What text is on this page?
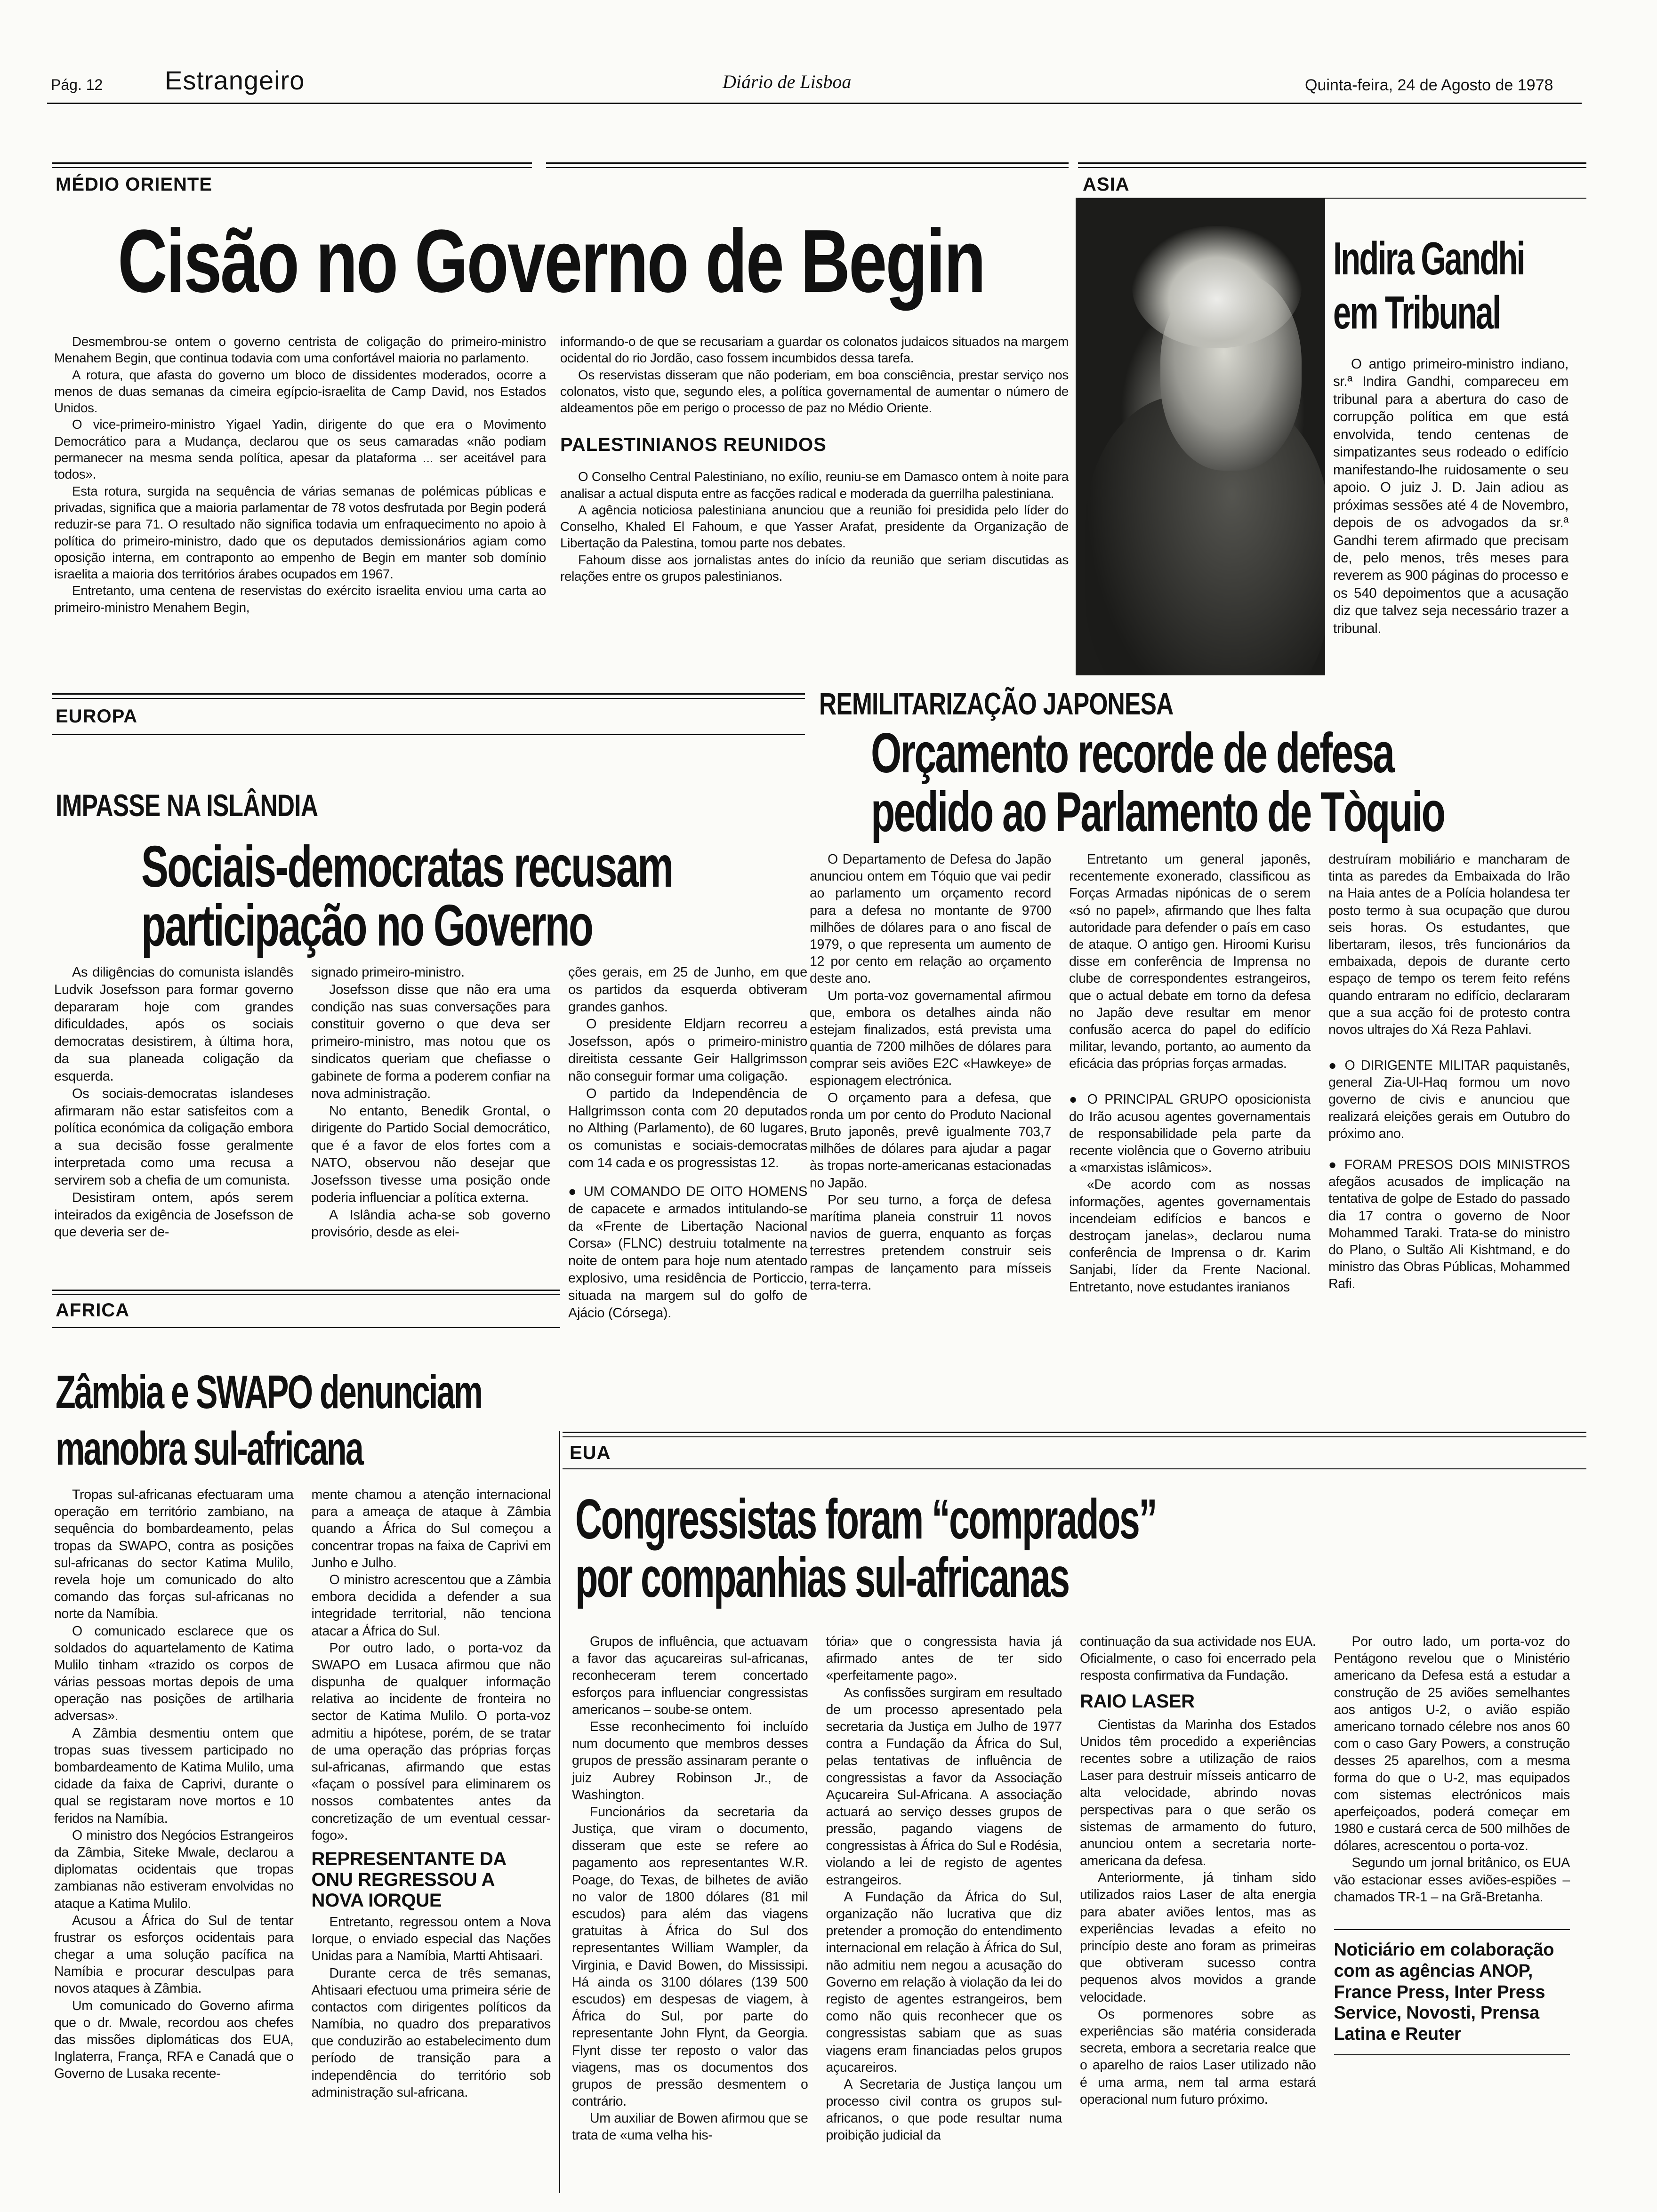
Pág. 12 Estrangeiro	Diário de Lisboa	Quinta-feira, 24 de Agosto de 1978
MÉDIO ORIENTE
Cisão no Governo de Begin

Desmembrou-se ontem o governo centrista de coligação do primeiro-ministro Menahem Begin, que continua todavia com uma confortável maioria no parlamento.

A rotura, que afasta do governo um bloco de dissidentes moderados, ocorre a menos de duas semanas da cimeira egípcio-israelita de Camp David, nos Estados Unidos.

O vice-primeiro-ministro Yigael Yadin, dirigente do que era o Movimento Democrático para a Mudança, declarou que os seus camaradas «não podiam permanecer na mesma senda política, apesar da plataforma ... ser aceitável para todos».

Esta rotura, surgida na sequência de várias semanas de polémicas públicas e privadas, significa que a maioria parlamentar de 78 votos desfrutada por Begin poderá reduzir-se para 71. O resultado não significa todavia um enfraquecimento no apoio à política do primeiro-ministro, dado que os deputados demissionários agiam como oposição interna, em contraponto ao empenho de Begin em manter sob domínio israelita a maioria dos territórios árabes ocupados em 1967.

Entretanto, uma centena de reservistas do exército israelita enviou uma carta ao primeiro-ministro Menahem Begin,

informando-o de que se recusariam a guardar os colonatos judaicos situados na margem ocidental do rio Jordão, caso fossem incumbidos dessa tarefa.

Os reservistas disseram que não poderiam, em boa consciência, prestar serviço nos colonatos, visto que, segundo eles, a política governamental de aumentar o número de aldeamentos põe em perigo o processo de paz no Médio Oriente.

PALESTINIANOS REUNIDOS

O Conselho Central Palestiniano, no exílio, reuniu-se em Damasco ontem à noite para analisar a actual disputa entre as facções radical e moderada da guerrilha palestiniana.

A agência noticiosa palestiniana anunciou que a reunião foi presidida pelo líder do Conselho, Khaled El Fahoum, e que Yasser Arafat, presidente da Organização de Libertação da Palestina, tomou parte nos debates.

Fahoum disse aos jornalistas antes do início da reunião que seriam discutidas as relações entre os grupos palestinianos.

ASIA
Indira Gandhi
em Tribunal

O antigo primeiro-ministro indiano, sr.ª Indira Gandhi, compareceu em tribunal para a abertura do caso de corrupção política em que está envolvida, tendo centenas de simpatizantes seus rodeado o edifício manifestando-lhe ruidosamente o seu apoio. O juiz J. D. Jain adiou as próximas sessões até 4 de Novembro, depois de os advogados da sr.ª Gandhi terem afirmado que precisam de, pelo menos, três meses para reverem as 900 páginas do processo e os 540 depoimentos que a acusação diz que talvez seja necessário trazer a tribunal.

EUROPA
IMPASSE NA ISLÂNDIA
Sociais-democratas recusam
participação no Governo

As diligências do comunista islandês Ludvik Josefsson para formar governo depararam hoje com grandes dificuldades, após os sociais democratas desistirem, à última hora, da sua planeada coligação da esquerda.

Os sociais-democratas islandeses afirmaram não estar satisfeitos com a política económica da coligação embora a sua decisão fosse geralmente interpretada como uma recusa a servirem sob a chefia de um comunista.

Desistiram ontem, após serem inteirados da exigência de Josefsson de que deveria ser de-

signado primeiro-ministro.

Josefsson disse que não era uma condição nas suas conversações para constituir governo o que deva ser primeiro-ministro, mas notou que os sindicatos queriam que chefiasse o gabinete de forma a poderem confiar na nova administração.

No entanto, Benedik Grontal, o dirigente do Partido Social democrático, que é a favor de elos fortes com a NATO, observou não desejar que Josefsson tivesse uma posição onde poderia influenciar a política externa.

A Islândia acha-se sob governo provisório, desde as elei-

ções gerais, em 25 de Junho, em que os partidos da esquerda obtiveram grandes ganhos.

O presidente Eldjarn recorreu a Josefsson, após o primeiro-ministro direitista cessante Geir Hallgrimsson não conseguir formar uma coligação.

O partido da Independência de Hallgrimsson conta com 20 deputados no Althing (Parlamento), de 60 lugares, os comunistas e sociais-democratas com 14 cada e os progressistas 12.

● UM COMANDO DE OITO HOMENS de capacete e armados intitulando-se da «Frente de Libertação Nacional Corsa» (FLNC) destruiu totalmente na noite de ontem para hoje num atentado explosivo, uma residência de Porticcio, situada na margem sul do golfo de Ajácio (Córsega).

REMILITARIZAÇÃO JAPONESA
Orçamento recorde de defesa
pedido ao Parlamento de Tòquio

O Departamento de Defesa do Japão anunciou ontem em Tóquio que vai pedir ao parlamento um orçamento record para a defesa no montante de 9700 milhões de dólares para o ano fiscal de 1979, o que representa um aumento de 12 por cento em relação ao orçamento deste ano.

Um porta-voz governamental afirmou que, embora os detalhes ainda não estejam finalizados, está prevista uma quantia de 7200 milhões de dólares para comprar seis aviões E2C «Hawkeye» de espionagem electrónica.

O orçamento para a defesa, que ronda um por cento do Produto Nacional Bruto japonês, prevê igualmente 703,7 milhões de dólares para ajudar a pagar às tropas norte-americanas estacionadas no Japão.

Por seu turno, a força de defesa marítima planeia construir 11 novos navios de guerra, enquanto as forças terrestres pretendem construir seis rampas de lançamento para mísseis terra-terra.

Entretanto um general japonês, recentemente exonerado, classificou as Forças Armadas nipónicas de o serem «só no papel», afirmando que lhes falta autoridade para defender o país em caso de ataque. O antigo gen. Hiroomi Kurisu disse em conferência de Imprensa no clube de correspondentes estrangeiros, que o actual debate em torno da defesa no Japão deve resultar em menor confusão acerca do papel do edifício militar, levando, portanto, ao aumento da eficácia das próprias forças armadas.

● O PRINCIPAL GRUPO oposicionista do Irão acusou agentes governamentais de responsabilidade pela parte da recente violência que o Governo atribuiu a «marxistas islâmicos».

«De acordo com as nossas informações, agentes governamentais incendeiam edifícios e bancos e destroçam janelas», declarou numa conferência de Imprensa o dr. Karim Sanjabi, líder da Frente Nacional. Entretanto, nove estudantes iranianos

destruíram mobiliário e mancharam de tinta as paredes da Embaixada do Irão na Haia antes de a Polícia holandesa ter posto termo à sua ocupação que durou seis horas. Os estudantes, que libertaram, ilesos, três funcionários da embaixada, depois de durante certo espaço de tempo os terem feito reféns quando entraram no edifício, declararam que a sua acção foi de protesto contra novos ultrajes do Xá Reza Pahlavi.

● O DIRIGENTE MILITAR paquistanês, general Zia-Ul-Haq formou um novo governo de civis e anunciou que realizará eleições gerais em Outubro do próximo ano.

● FORAM PRESOS DOIS MINISTROS afegãos acusados de implicação na tentativa de golpe de Estado do passado dia 17 contra o governo de Noor Mohammed Taraki. Trata-se do ministro do Plano, o Sultão Ali Kishtmand, e do ministro das Obras Públicas, Mohammed Rafi.

AFRICA
Zâmbia e SWAPO denunciam
manobra sul-africana

Tropas sul-africanas efectuaram uma operação em território zambiano, na sequência do bombardeamento, pelas tropas da SWAPO, contra as posições sul-africanas do sector Katima Mulilo, revela hoje um comunicado do alto comando das forças sul-africanas no norte da Namíbia.

O comunicado esclarece que os soldados do aquartelamento de Katima Mulilo tinham «trazido os corpos de várias pessoas mortas depois de uma operação nas posições de artilharia adversas».

A Zâmbia desmentiu ontem que tropas suas tivessem participado no bombardeamento de Katima Mulilo, uma cidade da faixa de Caprivi, durante o qual se registaram nove mortos e 10 feridos na Namíbia.

O ministro dos Negócios Estrangeiros da Zâmbia, Siteke Mwale, declarou a diplomatas ocidentais que tropas zambianas não estiveram envolvidas no ataque a Katima Mulilo.

Acusou a África do Sul de tentar frustrar os esforços ocidentais para chegar a uma solução pacífica na Namíbia e procurar desculpas para novos ataques à Zâmbia.

Um comunicado do Governo afirma que o dr. Mwale, recordou aos chefes das missões diplomáticas dos EUA, Inglaterra, França, RFA e Canadá que o Governo de Lusaka recente-

mente chamou a atenção internacional para a ameaça de ataque à Zâmbia quando a África do Sul começou a concentrar tropas na faixa de Caprivi em Junho e Julho.

O ministro acrescentou que a Zâmbia embora decidida a defender a sua integridade territorial, não tenciona atacar a África do Sul.

Por outro lado, o porta-voz da SWAPO em Lusaca afirmou que não dispunha de qualquer informação relativa ao incidente de fronteira no sector de Katima Mulilo. O porta-voz admitiu a hipótese, porém, de se tratar de uma operação das próprias forças sul-africanas, afirmando que estas «façam o possível para eliminarem os nossos combatentes antes da concretização de um eventual cessar-fogo».

REPRESENTANTE DA ONU REGRESSOU A NOVA IORQUE

Entretanto, regressou ontem a Nova Iorque, o enviado especial das Nações Unidas para a Namíbia, Martti Ahtisaari.

Durante cerca de três semanas, Ahtisaari efectuou uma primeira série de contactos com dirigentes políticos da Namíbia, no quadro dos preparativos que conduzirão ao estabelecimento dum período de transição para a independência do território sob administração sul-africana.

EUA
Congressistas foram “comprados”
por companhias sul-africanas

Grupos de influência, que actuavam a favor das açucareiras sul-africanas, reconheceram terem concertado esforços para influenciar congressistas americanos – soube-se ontem.

Esse reconhecimento foi incluído num documento que membros desses grupos de pressão assinaram perante o juiz Aubrey Robinson Jr., de Washington.

Funcionários da secretaria da Justiça, que viram o documento, disseram que este se refere ao pagamento aos representantes W.R. Poage, do Texas, de bilhetes de avião no valor de 1800 dólares (81 mil escudos) para além das viagens gratuitas à África do Sul dos representantes William Wampler, da Virginia, e David Bowen, do Mississipi. Há ainda os 3100 dólares (139 500 escudos) em despesas de viagem, à África do Sul, por parte do representante John Flynt, da Georgia. Flynt disse ter reposto o valor das viagens, mas os documentos dos grupos de pressão desmentem o contrário.

Um auxiliar de Bowen afirmou que se trata de «uma velha his-

tória» que o congressista havia já afirmado antes de ter sido «perfeitamente pago».

As confissões surgiram em resultado de um processo apresentado pela secretaria da Justiça em Julho de 1977 contra a Fundação da África do Sul, pelas tentativas de influência de congressistas a favor da Associação Açucareira Sul-Africana. A associação actuará ao serviço desses grupos de pressão, pagando viagens de congressistas à África do Sul e Rodésia, violando a lei de registo de agentes estrangeiros.

A Fundação da África do Sul, organização não lucrativa que diz pretender a promoção do entendimento internacional em relação à África do Sul, não admitiu nem negou a acusação do Governo em relação à violação da lei do registo de agentes estrangeiros, bem como não quis reconhecer que os congressistas sabiam que as suas viagens eram financiadas pelos grupos açucareiros.

A Secretaria de Justiça lançou um processo civil contra os grupos sul-africanos, o que pode resultar numa proibição judicial da

continuação da sua actividade nos EUA. Oficialmente, o caso foi encerrado pela resposta confirmativa da Fundação.

RAIO LASER

Cientistas da Marinha dos Estados Unidos têm procedido a experiências recentes sobre a utilização de raios Laser para destruir mísseis anticarro de alta velocidade, abrindo novas perspectivas para o que serão os sistemas de armamento do futuro, anunciou ontem a secretaria norte-americana da defesa.

Anteriormente, já tinham sido utilizados raios Laser de alta energia para abater aviões lentos, mas as experiências levadas a efeito no princípio deste ano foram as primeiras que obtiveram sucesso contra pequenos alvos movidos a grande velocidade.

Os pormenores sobre as experiências são matéria considerada secreta, embora a secretaria realce que o aparelho de raios Laser utilizado não é uma arma, nem tal arma estará operacional num futuro próximo.

Por outro lado, um porta-voz do Pentágono revelou que o Ministério americano da Defesa está a estudar a construção de 25 aviões semelhantes aos antigos U-2, o avião espião americano tornado célebre nos anos 60 com o caso Gary Powers, a construção desses 25 aparelhos, com a mesma forma do que o U-2, mas equipados com sistemas electrónicos mais aperfeiçoados, poderá começar em 1980 e custará cerca de 500 milhões de dólares, acrescentou o porta-voz.

Segundo um jornal britânico, os EUA vão estacionar esses aviões-espiões – chamados TR-1 – na Grã-Bretanha.

Noticiário em colaboração com as agências ANOP, France Press, Inter Press Service, Novosti, Prensa Latina e Reuter
